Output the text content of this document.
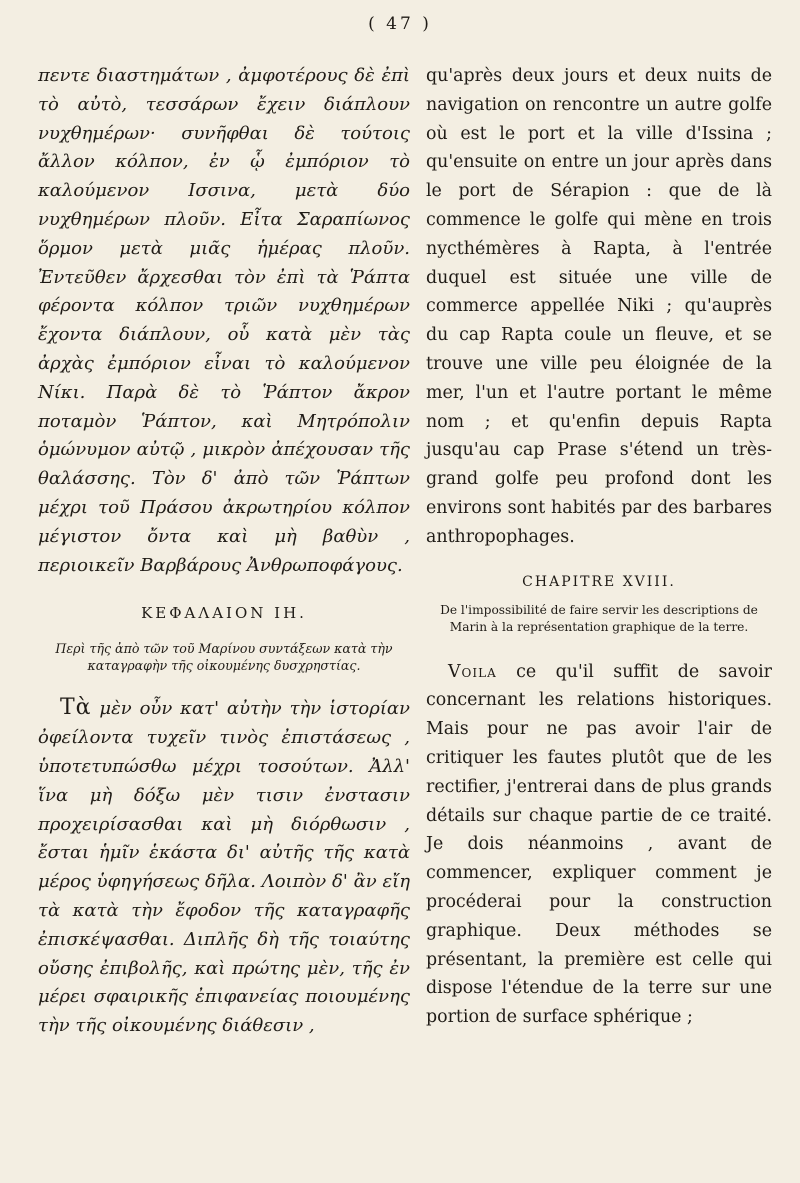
( 47 )

πεντε διαστημάτων , ἀμφοτέρους δὲ ἐπὶ τὸ αὐτὸ, τεσσάρων ἔχειν διάπλουν νυχθημέρων· συνῆφθαι δὲ τούτοις ἄλλον κόλπον, ἐν ᾧ ἐμπόριον τὸ καλούμενον Ισσινα, μετὰ δύο νυχθημέρων πλοῦν. Εἶτα Σαραπίωνος ὅρμον μετὰ μιᾶς ἡμέρας πλοῦν. Ἐντεῦθεν ἄρχεσθαι τὸν ἐπὶ τὰ Ῥάπτα φέροντα κόλπον τριῶν νυχθημέρων ἔχοντα διάπλουν, οὗ κατὰ μὲν τὰς ἀρχὰς ἐμπόριον εἶναι τὸ καλούμενον Νίκι. Παρὰ δὲ τὸ Ῥάπτον ἄκρον ποταμὸν Ῥάπτον, καὶ Μητρόπολιν ὁμώνυμον αὐτῷ , μικρὸν ἀπέχουσαν τῆς θαλάσσης. Τὸν δ' ἀπὸ τῶν Ῥάπτων μέχρι τοῦ Πράσου ἀκρωτηρίου κόλπον μέγιστον ὄντα καὶ μὴ βαθὺν , περιοικεῖν Βαρβάρους Ἀνθρωποφάγους.

ΚΕΦΑΛΑΙΟΝ ΙΗ.

Περὶ τῆς ἀπὸ τῶν τοῦ Μαρίνου συντάξεων κατὰ τὴν καταγραφὴν τῆς οἰκουμένης δυσχρηστίας.

Τὰ μὲν οὖν κατ' αὐτὴν τὴν ἱστορίαν ὀφείλοντα τυχεῖν τινὸς ἐπιστάσεως , ὑποτετυπώσθω μέχρι τοσούτων. Ἀλλ' ἵνα μὴ δόξω μὲν τισιν ἐνστασιν προχειρίσασθαι καὶ μὴ διόρθωσιν , ἔσται ἡμῖν ἑκάστα δι' αὐτῆς τῆς κατὰ μέρος ὑφηγήσεως δῆλα. Λοιπὸν δ' ἂν εἴη τὰ κατὰ τὴν ἔφοδον τῆς καταγραφῆς ἐπισκέψασθαι. Διπλῆς δὴ τῆς τοιαύτης οὔσης ἐπιβολῆς, καὶ πρώτης μὲν, τῆς ἐν μέρει σφαιρικῆς ἐπιφανείας ποιουμένης τὴν τῆς οἰκουμένης διάθεσιν ,

qu'après deux jours et deux nuits de navigation on rencontre un autre golfe où est le port et la ville d'Issina ; qu'ensuite on entre un jour après dans le port de Sérapion : que de là commence le golfe qui mène en trois nycthémères à Rapta, à l'entrée duquel est située une ville de commerce appellée Niki ; qu'auprès du cap Rapta coule un fleuve, et se trouve une ville peu éloignée de la mer, l'un et l'autre portant le même nom ; et qu'enfin depuis Rapta jusqu'au cap Prase s'étend un très-grand golfe peu profond dont les environs sont habités par des barbares anthropophages.

CHAPITRE XVIII.

De l'impossibilité de faire servir les descriptions de Marin à la représentation graphique de la terre.

Voila ce qu'il suffit de savoir concernant les relations historiques. Mais pour ne pas avoir l'air de critiquer les fautes plutôt que de les rectifier, j'entrerai dans de plus grands détails sur chaque partie de ce traité. Je dois néanmoins , avant de commencer, expliquer comment je procéderai pour la construction graphique. Deux méthodes se présentant, la première est celle qui dispose l'étendue de la terre sur une portion de surface sphérique ;
